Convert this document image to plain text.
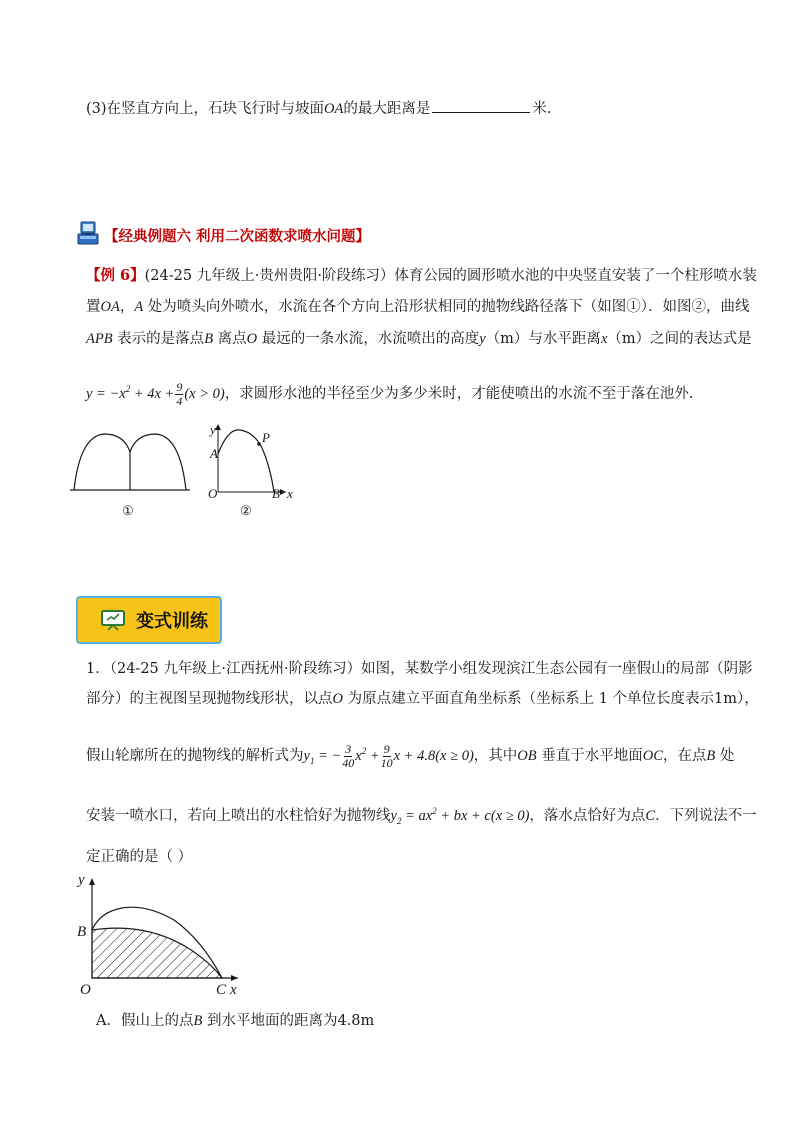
(3)在竖直方向上，石块飞行时与坡面OA的最大距离是	米.
【经典例题六 利用二次函数求喷水问题】
【例 6】(24-25 九年级上·贵州贵阳·阶段练习）体育公园的圆形喷水池的中央竖直安装了一个柱形喷水装
置OA，A 处为喷头向外喷水，水流在各个方向上沿形状相同的抛物线路径落下（如图①）．如图②，曲线
APB 表示的是落点B 离点O 最远的一条水流，水流喷出的高度y（m）与水平距离x（m）之间的表达式是
$y = -x^2 + 4x + \frac{9}{4} (x > 0)$，求圆形水池的半径至少为多少米时，才能使喷出的水流不至于落在池外.
①
y
A
P
O	B x
②
变式训练
1．（24-25 九年级上·江西抚州·阶段练习）如图，某数学小组发现滨江生态公园有一座假山的局部（阴影
部分）的主视图呈现抛物线形状，以点O 为原点建立平面直角坐标系（坐标系上 1 个单位长度表示1m），
假山轮廓所在的抛物线的解析式为$y_1$ = − $\frac{3}{40} x^2 + \frac{9}{10}$ x + 4.8(x ≥ 0)，其中OB 垂直于水平地面OC，在点B 处
安装一喷水口，若向上喷出的水柱恰好为抛物线$y_2 = ax^2$ + bx + c(x ≥ 0)，落水点恰好为点C．下列说法不一
定正确的是（ ）
y
B
O	C x
A．假山上的点B 到水平地面的距离为4.8m
